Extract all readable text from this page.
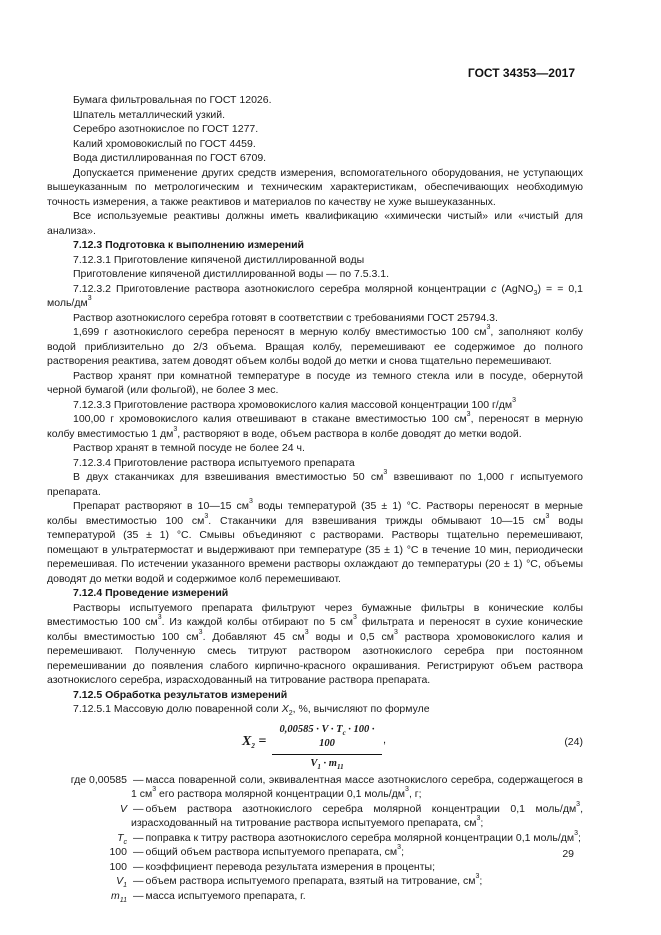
ГОСТ 34353—2017

Бумага фильтровальная по ГОСТ 12026.

Шпатель металлический узкий.

Серебро азотнокислое по ГОСТ 1277.

Калий хромовокислый по ГОСТ 4459.

Вода дистиллированная по ГОСТ 6709.

Допускается применение других средств измерения, вспомогательного оборудования, не уступающих вышеуказанным по метрологическим и техническим характеристикам, обеспечивающих необходимую точность измерения, а также реактивов и материалов по качеству не хуже вышеуказанных.

Все используемые реактивы должны иметь квалификацию «химически чистый» или «чистый для анализа».

7.12.3 Подготовка к выполнению измерений

7.12.3.1 Приготовление кипяченой дистиллированной воды

Приготовление кипяченой дистиллированной воды — по 7.5.3.1.

7.12.3.2 Приготовление раствора азотнокислого серебра молярной концентрации c (AgNO$_3$) = = 0,1 моль/$дм^3$

Раствор азотнокислого серебра готовят в соответствии с требованиями ГОСТ 25794.3.

1,699 г азотнокислого серебра переносят в мерную колбу вместимостью 100 $см^3$, заполняют колбу водой приблизительно до 2/3 объема. Вращая колбу, перемешивают ее содержимое до полного растворения реактива, затем доводят объем колбы водой до метки и снова тщательно перемешивают.

Раствор хранят при комнатной температуре в посуде из темного стекла или в посуде, обернутой черной бумагой (или фольгой), не более 3 мес.

7.12.3.3 Приготовление раствора хромовокислого калия массовой концентрации 100 $г/дм^3$

100,00 г хромовокислого калия отвешивают в стакане вместимостью 100 $см^3$, переносят в мерную колбу вместимостью 1 $дм^3$, растворяют в воде, объем раствора в колбе доводят до метки водой.

Раствор хранят в темной посуде не более 24 ч.

7.12.3.4 Приготовление раствора испытуемого препарата

В двух стаканчиках для взвешивания вместимостью 50 $см^3$ взвешивают по 1,000 г испытуемого препарата.

Препарат растворяют в 10—15 $см^3$ воды температурой (35 ± 1) °С. Растворы переносят в мерные колбы вместимостью 100 $см^3$. Стаканчики для взвешивания трижды обмывают 10—15 $см^3$ воды температурой (35 ± 1) °С. Смывы объединяют с растворами. Растворы тщательно перемешивают, помещают в ультратермостат и выдерживают при температуре (35 ± 1) °С в течение 10 мин, периодически перемешивая. По истечении указанного времени растворы охлаждают до температуры (20 ± 1) °С, объемы доводят до метки водой и содержимое колб перемешивают.

7.12.4 Проведение измерений

Растворы испытуемого препарата фильтруют через бумажные фильтры в конические колбы вместимостью 100 $см^3$. Из каждой колбы отбирают по 5 $см^3$ фильтрата и переносят в сухие конические колбы вместимостью 100 $см^3$. Добавляют 45 $см^3$ воды и 0,5 $см^3$ раствора хромовокислого калия и перемешивают. Полученную смесь титруют раствором азотнокислого серебра при постоянном перемешивании до появления слабого кирпично-красного окрашивания. Регистрируют объем раствора азотнокислого серебра, израсходованный на титрование раствора препарата.

7.12.5 Обработка результатов измерений

7.12.5.1 Массовую долю поваренной соли $X_2$, %, вычисляют по формуле

$X_2 = \frac{0,00585 \cdot V \cdot T_c \cdot 100 \cdot 100}{V_1 \cdot m_{11}}$ ,	(24)
где 0,00585 — масса поваренной соли, эквивалентная массе азотнокислого серебра, содержащегося в 1 $см^3$ его раствора молярной концентрации 0,1 моль/$дм^3$, г;
V — объем раствора азотнокислого серебра молярной концентрации 0,1 моль/$дм^3$, израсходованный на титрование раствора испытуемого препарата, $см^3$;
$T_c$ — поправка к титру раствора азотнокислого серебра молярной концентрации 0,1 моль/$дм^3$;
100 — общий объем раствора испытуемого препарата, $см^3$;
100 — коэффициент перевода результата измерения в проценты;
$V_1$ — объем раствора испытуемого препарата, взятый на титрование, $см^3$;
$m_{11}$ — масса испытуемого препарата, г.
29
